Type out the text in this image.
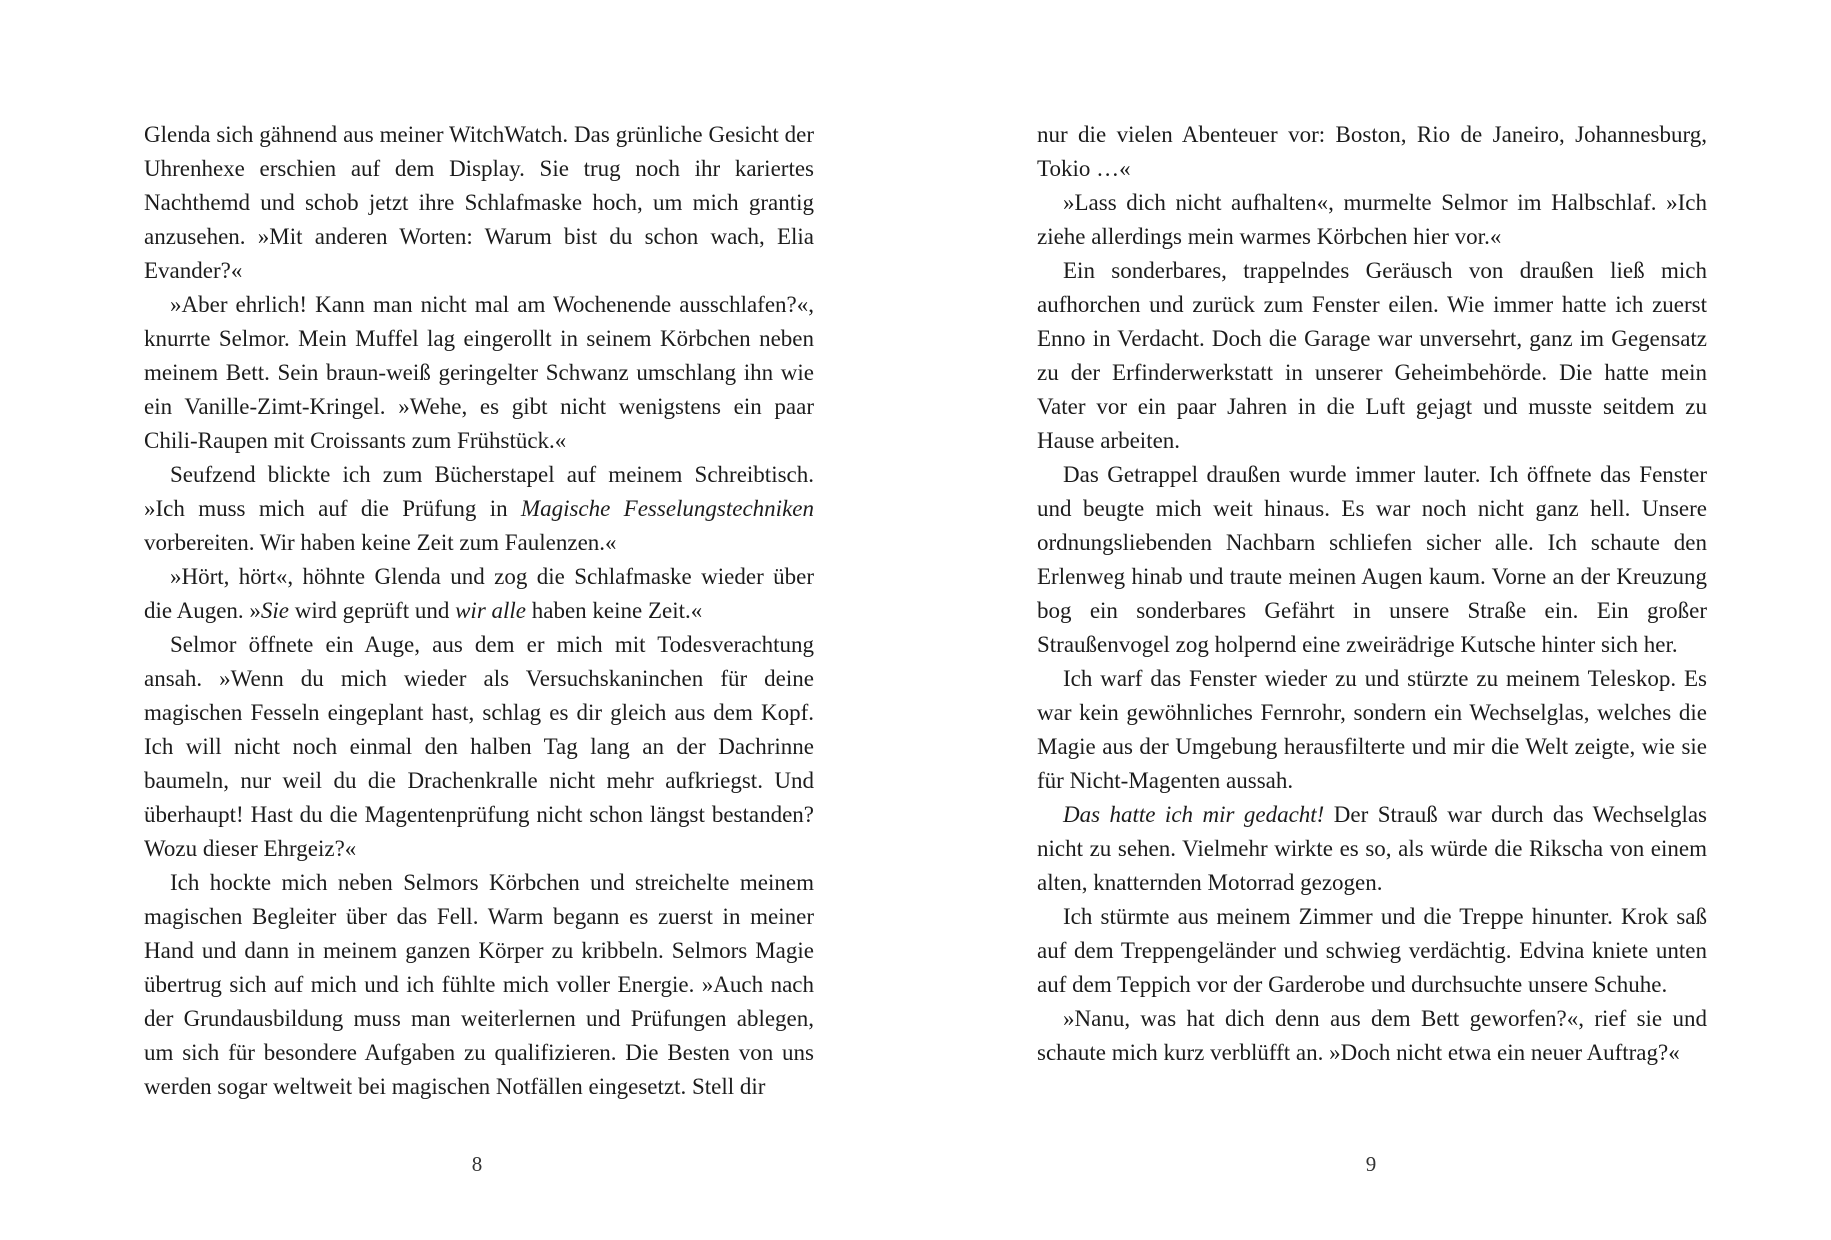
Glenda sich gähnend aus meiner WitchWatch. Das grünliche Gesicht der Uhrenhexe erschien auf dem Display. Sie trug noch ihr kariertes Nachthemd und schob jetzt ihre Schlafmaske hoch, um mich grantig anzusehen. »Mit anderen Worten: Warum bist du schon wach, Elia Evander?«

»Aber ehrlich! Kann man nicht mal am Wochenende ausschlafen?«, knurrte Selmor. Mein Muffel lag eingerollt in seinem Körbchen neben meinem Bett. Sein braun-weiß geringelter Schwanz umschlang ihn wie ein Vanille-Zimt-Kringel. »Wehe, es gibt nicht wenigstens ein paar Chili-Raupen mit Croissants zum Frühstück.«

Seufzend blickte ich zum Bücherstapel auf meinem Schreibtisch. »Ich muss mich auf die Prüfung in Magische Fesselungstechniken vorbereiten. Wir haben keine Zeit zum Faulenzen.«

»Hört, hört«, höhnte Glenda und zog die Schlafmaske wieder über die Augen. »Sie wird geprüft und wir alle haben keine Zeit.«

Selmor öffnete ein Auge, aus dem er mich mit Todesverachtung ansah. »Wenn du mich wieder als Versuchskaninchen für deine magischen Fesseln eingeplant hast, schlag es dir gleich aus dem Kopf. Ich will nicht noch einmal den halben Tag lang an der Dachrinne baumeln, nur weil du die Drachenkralle nicht mehr aufkriegst. Und überhaupt! Hast du die Magentenprüfung nicht schon längst bestanden? Wozu dieser Ehrgeiz?«

Ich hockte mich neben Selmors Körbchen und streichelte meinem magischen Begleiter über das Fell. Warm begann es zuerst in meiner Hand und dann in meinem ganzen Körper zu kribbeln. Selmors Magie übertrug sich auf mich und ich fühlte mich voller Energie. »Auch nach der Grundausbildung muss man weiterlernen und Prüfungen ablegen, um sich für besondere Aufgaben zu qualifizieren. Die Besten von uns werden sogar weltweit bei magischen Notfällen eingesetzt. Stell dir

8

nur die vielen Abenteuer vor: Boston, Rio de Janeiro, Johannesburg, Tokio …«

»Lass dich nicht aufhalten«, murmelte Selmor im Halbschlaf. »Ich ziehe allerdings mein warmes Körbchen hier vor.«

Ein sonderbares, trappelndes Geräusch von draußen ließ mich aufhorchen und zurück zum Fenster eilen. Wie immer hatte ich zuerst Enno in Verdacht. Doch die Garage war unversehrt, ganz im Gegensatz zu der Erfinderwerkstatt in unserer Geheimbehörde. Die hatte mein Vater vor ein paar Jahren in die Luft gejagt und musste seitdem zu Hause arbeiten.

Das Getrappel draußen wurde immer lauter. Ich öffnete das Fenster und beugte mich weit hinaus. Es war noch nicht ganz hell. Unsere ordnungsliebenden Nachbarn schliefen sicher alle. Ich schaute den Erlenweg hinab und traute meinen Augen kaum. Vorne an der Kreuzung bog ein sonderbares Gefährt in unsere Straße ein. Ein großer Straußenvogel zog holpernd eine zweirädrige Kutsche hinter sich her.

Ich warf das Fenster wieder zu und stürzte zu meinem Teleskop. Es war kein gewöhnliches Fernrohr, sondern ein Wechselglas, welches die Magie aus der Umgebung herausfilterte und mir die Welt zeigte, wie sie für Nicht-Magenten aussah.

Das hatte ich mir gedacht! Der Strauß war durch das Wechselglas nicht zu sehen. Vielmehr wirkte es so, als würde die Rikscha von einem alten, knatternden Motorrad gezogen.

Ich stürmte aus meinem Zimmer und die Treppe hinunter. Krok saß auf dem Treppengeländer und schwieg verdächtig. Edvina kniete unten auf dem Teppich vor der Garderobe und durchsuchte unsere Schuhe.

»Nanu, was hat dich denn aus dem Bett geworfen?«, rief sie und schaute mich kurz verblüfft an. »Doch nicht etwa ein neuer Auftrag?«

9
